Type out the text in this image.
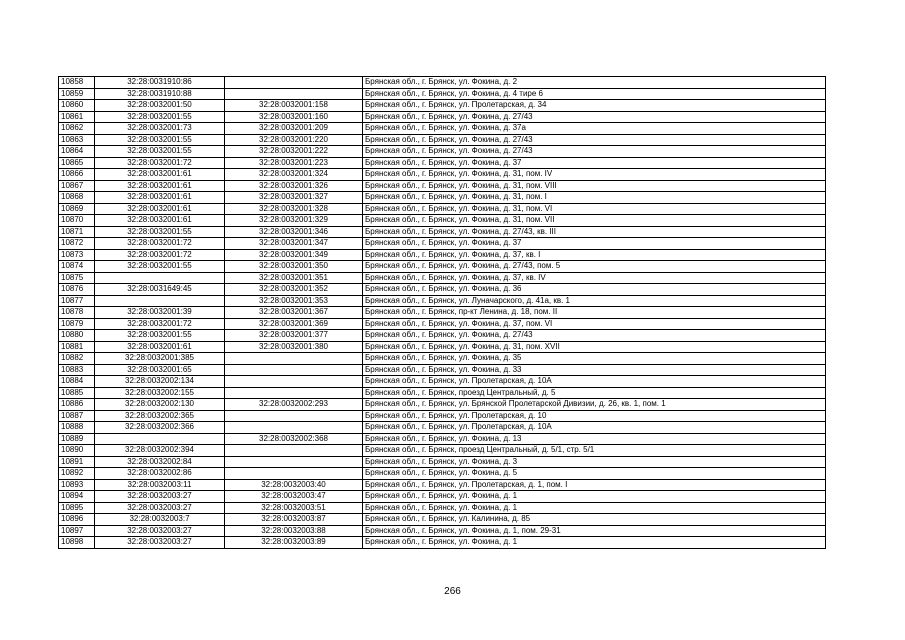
10858	32:28:0031910:86		Брянская обл., г. Брянск, ул. Фокина, д. 2
10859	32:28:0031910:88		Брянская обл., г. Брянск, ул. Фокина, д. 4 тире 6
10860	32:28:0032001:50	32:28:0032001:158	Брянская обл., г. Брянск, ул. Пролетарская, д. 34
10861	32:28:0032001:55	32:28:0032001:160	Брянская обл., г. Брянск, ул. Фокина, д. 27/43
10862	32:28:0032001:73	32:28:0032001:209	Брянская обл., г. Брянск, ул. Фокина, д. 37а
10863	32:28:0032001:55	32:28:0032001:220	Брянская обл., г. Брянск, ул. Фокина, д. 27/43
10864	32:28:0032001:55	32:28:0032001:222	Брянская обл., г. Брянск, ул. Фокина, д. 27/43
10865	32:28:0032001:72	32:28:0032001:223	Брянская обл., г. Брянск, ул. Фокина, д. 37
10866	32:28:0032001:61	32:28:0032001:324	Брянская обл., г. Брянск, ул. Фокина, д. 31, пом. IV
10867	32:28:0032001:61	32:28:0032001:326	Брянская обл., г. Брянск, ул. Фокина, д. 31, пом. VIII
10868	32:28:0032001:61	32:28:0032001:327	Брянская обл., г. Брянск, ул. Фокина, д. 31, пом. I
10869	32:28:0032001:61	32:28:0032001:328	Брянская обл., г. Брянск, ул. Фокина, д. 31, пом. VI
10870	32:28:0032001:61	32:28:0032001:329	Брянская обл., г. Брянск, ул. Фокина, д. 31, пом. VII
10871	32:28:0032001:55	32:28:0032001:346	Брянская обл., г. Брянск, ул. Фокина, д. 27/43, кв. III
10872	32:28:0032001:72	32:28:0032001:347	Брянская обл., г. Брянск, ул. Фокина, д. 37
10873	32:28:0032001:72	32:28:0032001:349	Брянская обл., г. Брянск, ул. Фокина, д. 37, кв. I
10874	32:28:0032001:55	32:28:0032001:350	Брянская обл., г. Брянск, ул. Фокина, д. 27/43, пом. 5
10875		32:28:0032001:351	Брянская обл., г. Брянск, ул. Фокина, д. 37, кв. IV
10876	32:28:0031649:45	32:28:0032001:352	Брянская обл., г. Брянск, ул. Фокина, д. 36
10877		32:28:0032001:353	Брянская обл., г. Брянск, ул. Луначарского, д. 41а, кв. 1
10878	32:28:0032001:39	32:28:0032001:367	Брянская обл., г. Брянск, пр-кт Ленина, д. 18, пом. II
10879	32:28:0032001:72	32:28:0032001:369	Брянская обл., г. Брянск, ул. Фокина, д. 37, пом. VI
10880	32:28:0032001:55	32:28:0032001:377	Брянская обл., г. Брянск, ул. Фокина, д. 27/43
10881	32:28:0032001:61	32:28:0032001:380	Брянская обл., г. Брянск, ул. Фокина, д. 31, пом. XVII
10882	32:28:0032001:385		Брянская обл., г. Брянск, ул. Фокина, д. 35
10883	32:28:0032001:65		Брянская обл., г. Брянск, ул. Фокина, д. 33
10884	32:28:0032002:134		Брянская обл., г. Брянск, ул. Пролетарская, д. 10А
10885	32:28:0032002:155		Брянская обл., г. Брянск, проезд Центральный, д. 5
10886	32:28:0032002:130	32:28:0032002:293	Брянская обл., г. Брянск, ул. Брянской Пролетарской Дивизии, д. 26, кв. 1, пом. 1
10887	32:28:0032002:365		Брянская обл., г. Брянск, ул. Пролетарская, д. 10
10888	32:28:0032002:366		Брянская обл., г. Брянск, ул. Пролетарская, д. 10А
10889		32:28:0032002:368	Брянская обл., г. Брянск, ул. Фокина, д. 13
10890	32:28:0032002:394		Брянская обл., г. Брянск, проезд Центральный, д. 5/1, стр. 5/1
10891	32:28:0032002:84		Брянская обл., г. Брянск, ул. Фокина, д. 3
10892	32:28:0032002:86		Брянская обл., г. Брянск, ул. Фокина, д. 5
10893	32:28:0032003:11	32:28:0032003:40	Брянская обл., г. Брянск, ул. Пролетарская, д. 1, пом. I
10894	32:28:0032003:27	32:28:0032003:47	Брянская обл., г. Брянск, ул. Фокина, д. 1
10895	32:28:0032003:27	32:28:0032003:51	Брянская обл., г. Брянск, ул. Фокина, д. 1
10896	32:28:0032003:7	32:28:0032003:87	Брянская обл., г. Брянск, ул. Калинина, д. 85
10897	32:28:0032003:27	32:28:0032003:88	Брянская обл., г. Брянск, ул. Фокина, д. 1, пом. 29-31
10898	32:28:0032003:27	32:28:0032003:89	Брянская обл., г. Брянск, ул. Фокина, д. 1
266
